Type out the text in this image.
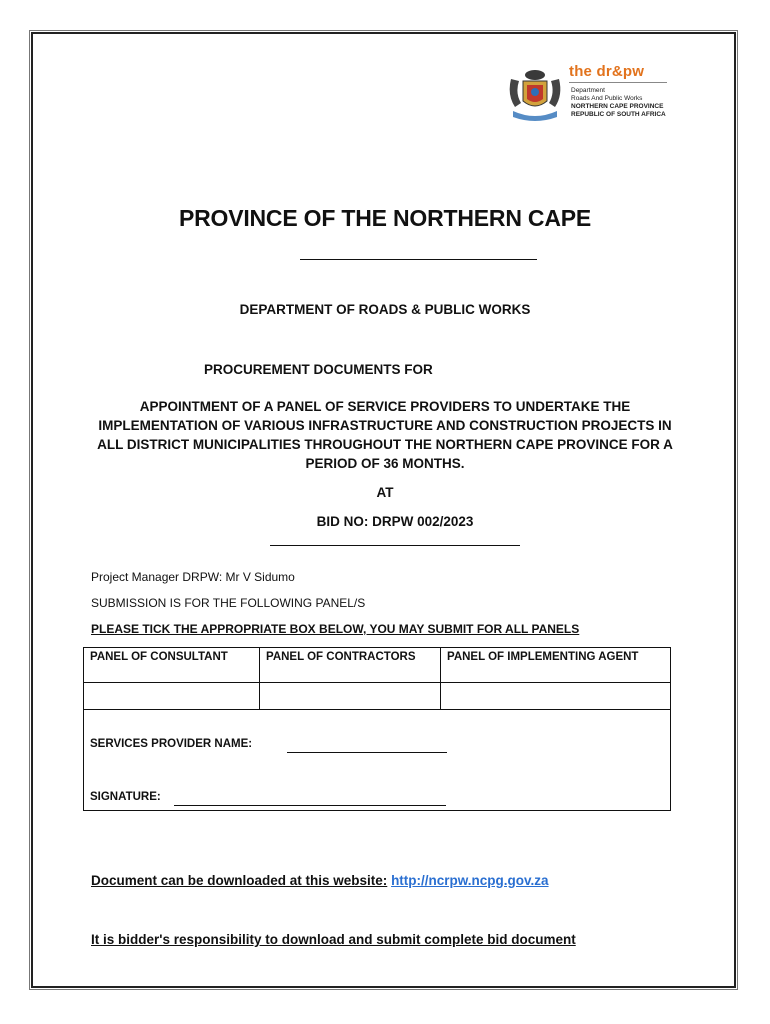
the dr&pw
Department
Roads And Public Works
NORTHERN CAPE PROVINCE
REPUBLIC OF SOUTH AFRICA
PROVINCE OF THE NORTHERN CAPE
DEPARTMENT OF ROADS & PUBLIC WORKS
PROCUREMENT DOCUMENTS FOR
APPOINTMENT OF A PANEL OF SERVICE PROVIDERS TO UNDERTAKE THE IMPLEMENTATION OF VARIOUS INFRASTRUCTURE AND CONSTRUCTION PROJECTS IN ALL DISTRICT MUNICIPALITIES THROUGHOUT THE NORTHERN CAPE PROVINCE FOR A PERIOD OF 36 MONTHS.
AT
BID NO: DRPW 002/2023
Project Manager DRPW: Mr V Sidumo
SUBMISSION IS FOR THE FOLLOWING PANEL/S
PLEASE TICK THE APPROPRIATE BOX BELOW, YOU MAY SUBMIT FOR ALL PANELS
PANEL OF CONSULTANT	PANEL OF CONTRACTORS	PANEL OF IMPLEMENTING AGENT

SERVICES PROVIDER NAME:
SIGNATURE:		
Document can be downloaded at this website: http://ncrpw.ncpg.gov.za
It is bidder's responsibility to download and submit complete bid document
